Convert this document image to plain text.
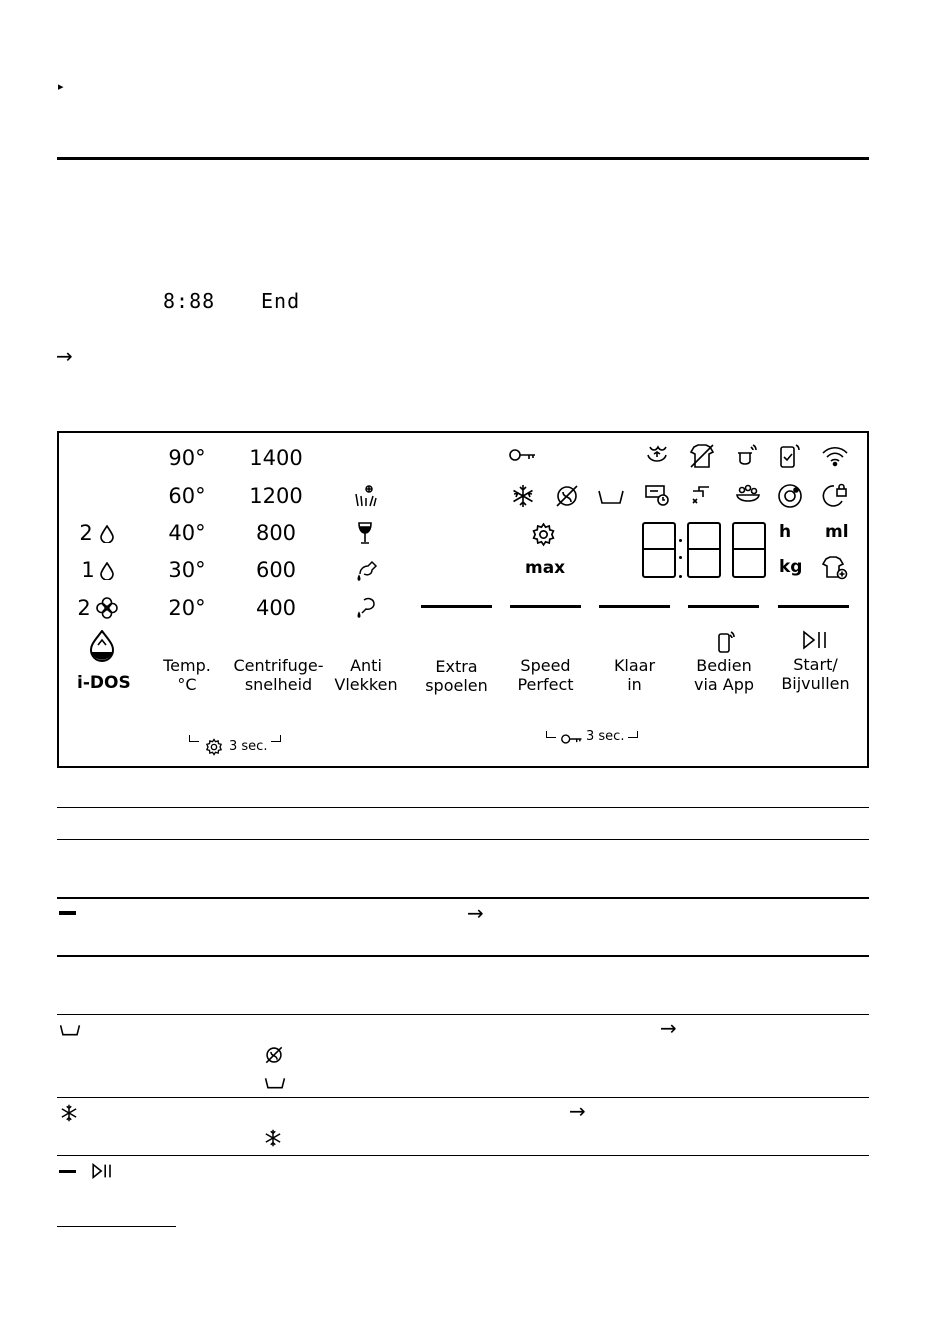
▸
8:88 End
→
2
1
2
i-DOS
90°
60°
40°
30°
20°
Temp.
°C
1400
1200
800
600
400
Centrifuge-
snelheid
3 sec.
Anti
Vlekken
Extra
spoelen
max
Speed
Perfect
3 sec.
Klaar
in
Bedien
via App
h ml
kg
Start/
Bijvullen
→
→
→
